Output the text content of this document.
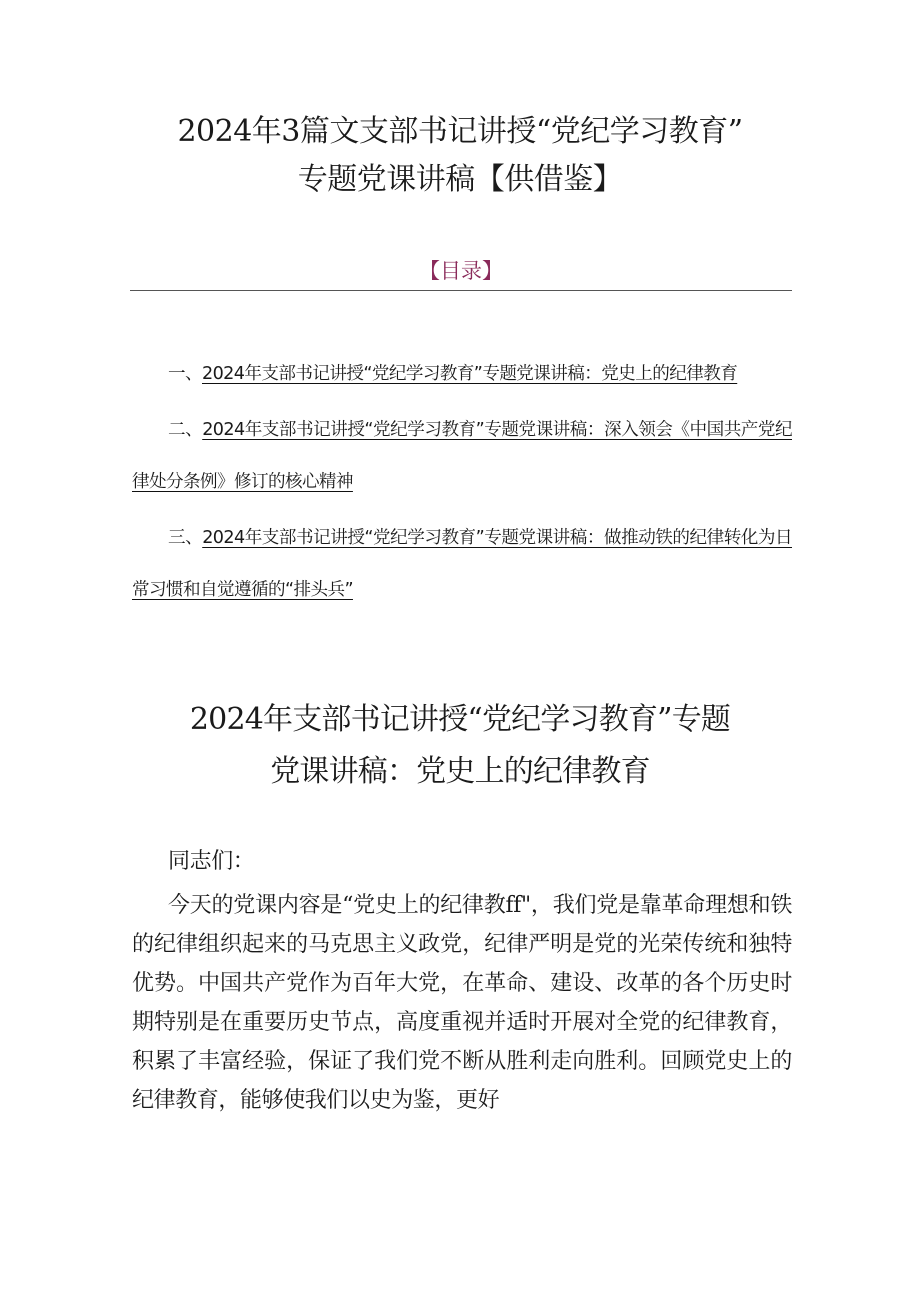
2024年3篇文支部书记讲授“党纪学习教育”
专题党课讲稿【供借鉴】
【目录】
一、2024年支部书记讲授“党纪学习教育”专题党课讲稿：党史上的纪律教育
二、2024年支部书记讲授“党纪学习教育”专题党课讲稿：深入领会《中国共产党纪律处分条例》修订的核心精神
三、2024年支部书记讲授“党纪学习教育”专题党课讲稿：做推动铁的纪律转化为日常习惯和自觉遵循的“排头兵”
2024年支部书记讲授“党纪学习教育”专题
党课讲稿：党史上的纪律教育

同志们：

今天的党课内容是“党史上的纪律教ff"，我们党是靠革命理想和铁的纪律组织起来的马克思主义政党，纪律严明是党的光荣传统和独特优势。中国共产党作为百年大党，在革命、建设、改革的各个历史时期特别是在重要历史节点，高度重视并适时开展对全党的纪律教育，积累了丰富经验，保证了我们党不断从胜利走向胜利。回顾党史上的纪律教育，能够使我们以史为鉴，更好
